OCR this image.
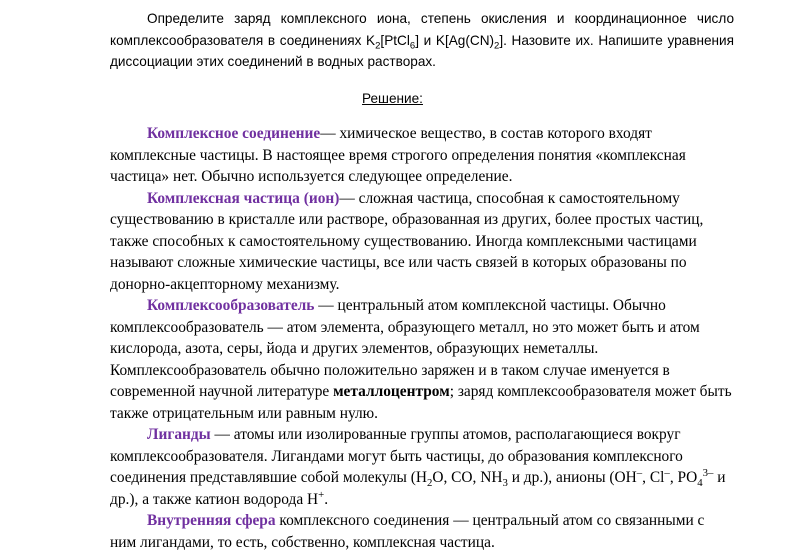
Определите заряд комплексного иона, степень окисления и координационное число комплексообразователя в соединениях $K_2[PtCl_6]$ и $K[Ag(CN)_2]$. Назовите их. Напишите уравнения диссоциации этих соединений в водных растворах.

Решение:

Комплексное соединение— химическое вещество, в состав которого входят комплексные частицы. В настоящее время строгого определения понятия «комплексная частица» нет. Обычно используется следующее определение.

Комплексная частица (ион)— сложная частица, способная к самостоятельному существованию в кристалле или растворе, образованная из других, более простых частиц, также способных к самостоятельному существованию. Иногда комплексными частицами называют сложные химические частицы, все или часть связей в которых образованы по донорно-акцепторному механизму.

Комплексообразователь — центральный атом комплексной частицы. Обычно комплексообразователь — атом элемента, образующего металл, но это может быть и атом кислорода, азота, серы, йода и других элементов, образующих неметаллы. Комплексообразователь обычно положительно заряжен и в таком случае именуется в современной научной литературе металлоцентром; заряд комплексообразователя может быть также отрицательным или равным нулю.

Лиганды — атомы или изолированные группы атомов, располагающиеся вокруг комплексообразователя. Лигандами могут быть частицы, до образования комплексного соединения представлявшие собой молекулы ($H_2O$, CO, $NH_3$ и др.), анионы (OH–, Cl–, $PO_4^{3-}$ и др.), а также катион водорода H+.

Внутренняя сфера комплексного соединения — центральный атом со связанными с ним лигандами, то есть, собственно, комплексная частица.
